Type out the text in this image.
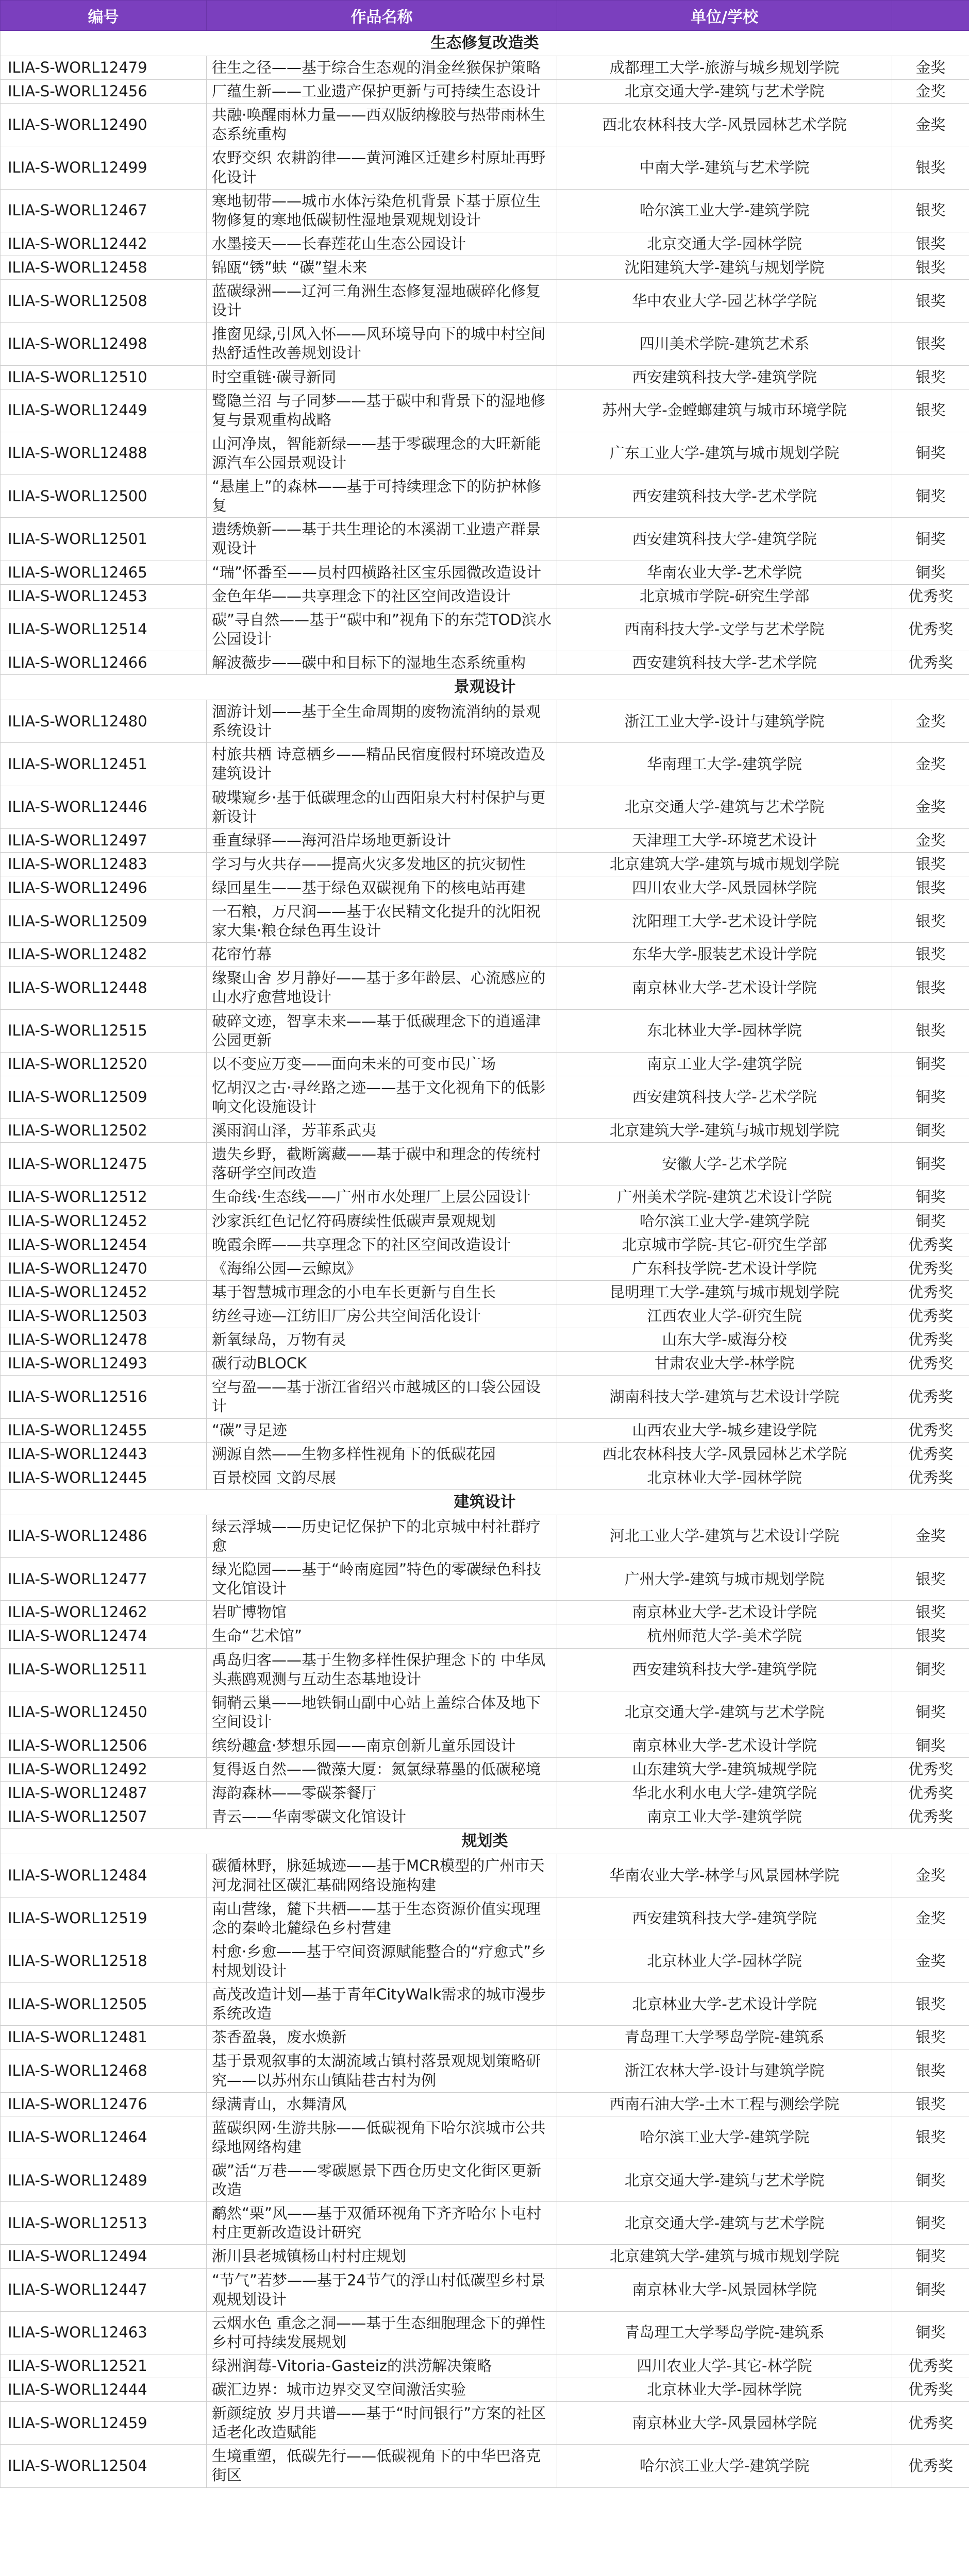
编号	作品名称	单位/学校	
生态修复改造类			
ILIA-S-WORL12479	往生之径——基于综合生态观的涓金丝猴保护策略	成都理工大学-旅游与城乡规划学院	金奖
ILIA-S-WORL12456	厂蕴生新——工业遗产保护更新与可持续生态设计	北京交通大学-建筑与艺术学院	金奖
ILIA-S-WORL12490	共融·唤醒雨林力量——西双版纳橡胶与热带雨林生态系统重构	西北农林科技大学-风景园林艺术学院	金奖
ILIA-S-WORL12499	农野交织 农耕韵律——黄河滩区迁建乡村原址再野化设计	中南大学-建筑与艺术学院	银奖
ILIA-S-WORL12467	寒地韧带——城市水体污染危机背景下基于原位生物修复的寒地低碳韧性湿地景观规划设计	哈尔滨工业大学-建筑学院	银奖
ILIA-S-WORL12442	水墨接天——长春莲花山生态公园设计	北京交通大学-园林学院	银奖
ILIA-S-WORL12458	锦瓯“锈”蚨 “碳”望未来	沈阳建筑大学-建筑与规划学院	银奖
ILIA-S-WORL12508	蓝碳绿洲——辽河三角洲生态修复湿地碳碎化修复设计	华中农业大学-园艺林学学院	银奖
ILIA-S-WORL12498	推窗见绿,引风入怀——风环境导向下的城中村空间热舒适性改善规划设计	四川美术学院-建筑艺术系	银奖
ILIA-S-WORL12510	时空重链·碳寻新同	西安建筑科技大学-建筑学院	银奖
ILIA-S-WORL12449	鹭隐兰沼 与子同梦——基于碳中和背景下的湿地修复与景观重构战略	苏州大学-金螳螂建筑与城市环境学院	银奖
ILIA-S-WORL12488	山河净岚，智能新绿——基于零碳理念的大旺新能源汽车公园景观设计	广东工业大学-建筑与城市规划学院	铜奖
ILIA-S-WORL12500	“悬崖上”的森林——基于可持续理念下的防护林修复	西安建筑科技大学-艺术学院	铜奖
ILIA-S-WORL12501	遗绣焕新——基于共生理论的本溪湖工业遗产群景观设计	西安建筑科技大学-建筑学院	铜奖
ILIA-S-WORL12465	“瑞”怀番至——员村四横路社区宝乐园微改造设计	华南农业大学-艺术学院	铜奖
ILIA-S-WORL12453	金色年华——共享理念下的社区空间改造设计	北京城市学院-研究生学部	优秀奖
ILIA-S-WORL12514	碳”寻自然——基于“碳中和”视角下的东莞TOD滨水公园设计	西南科技大学-文学与艺术学院	优秀奖
ILIA-S-WORL12466	解波薇步——碳中和目标下的湿地生态系统重构	西安建筑科技大学-艺术学院	优秀奖
景观设计			
ILIA-S-WORL12480	涸游计划——基于全生命周期的废物流消纳的景观系统设计	浙江工业大学-设计与建筑学院	金奖
ILIA-S-WORL12451	村旅共栖 诗意栖乡——精品民宿度假村环境改造及建筑设计	华南理工大学-建筑学院	金奖
ILIA-S-WORL12446	破堞窥乡·基于低碳理念的山西阳泉大村村保护与更新设计	北京交通大学-建筑与艺术学院	金奖
ILIA-S-WORL12497	垂直绿驿——海河沿岸场地更新设计	天津理工大学-环境艺术设计	金奖
ILIA-S-WORL12483	学习与火共存——提高火灾多发地区的抗灾韧性	北京建筑大学-建筑与城市规划学院	银奖
ILIA-S-WORL12496	绿回星生——基于绿色双碳视角下的核电站再建	四川农业大学-风景园林学院	银奖
ILIA-S-WORL12509	一石粮，万尺润——基于农民精文化提升的沈阳祝家大集·粮仓绿色再生设计	沈阳理工大学-艺术设计学院	银奖
ILIA-S-WORL12482	花帘竹幕	东华大学-服装艺术设计学院	银奖
ILIA-S-WORL12448	缘聚山舍 岁月静好——基于多年龄层、心流感应的山水疗愈营地设计	南京林业大学-艺术设计学院	银奖
ILIA-S-WORL12515	破碎文迹，智享未来——基于低碳理念下的逍遥津公园更新	东北林业大学-园林学院	银奖
ILIA-S-WORL12520	以不变应万变——面向未来的可变市民广场	南京工业大学-建筑学院	铜奖
ILIA-S-WORL12509	忆胡汉之古·寻丝路之迹——基于文化视角下的低影响文化设施设计	西安建筑科技大学-艺术学院	铜奖
ILIA-S-WORL12502	溪雨润山泽，芳菲系武夷	北京建筑大学-建筑与城市规划学院	铜奖
ILIA-S-WORL12475	遗失乡野，截断篱藏——基于碳中和理念的传统村落研学空间改造	安徽大学-艺术学院	铜奖
ILIA-S-WORL12512	生命线·生态线——广州市水处理厂上层公园设计	广州美术学院-建筑艺术设计学院	铜奖
ILIA-S-WORL12452	沙家浜红色记忆符码赓续性低碳声景观规划	哈尔滨工业大学-建筑学院	铜奖
ILIA-S-WORL12454	晚霞余晖——共享理念下的社区空间改造设计	北京城市学院-其它-研究生学部	优秀奖
ILIA-S-WORL12470	《海绵公园—云鲸岚》	广东科技学院-艺术设计学院	优秀奖
ILIA-S-WORL12452	基于智慧城市理念的小电车长更新与自生长	昆明理工大学-建筑与城市规划学院	优秀奖
ILIA-S-WORL12503	纺丝寻迹—江纺旧厂房公共空间活化设计	江西农业大学-研究生院	优秀奖
ILIA-S-WORL12478	新氧绿岛，万物有灵	山东大学-威海分校	优秀奖
ILIA-S-WORL12493	碳行动BLOCK	甘肃农业大学-林学院	优秀奖
ILIA-S-WORL12516	空与盈——基于浙江省绍兴市越城区的口袋公园设计	湖南科技大学-建筑与艺术设计学院	优秀奖
ILIA-S-WORL12455	“碳”寻足迹	山西农业大学-城乡建设学院	优秀奖
ILIA-S-WORL12443	溯源自然——生物多样性视角下的低碳花园	西北农林科技大学-风景园林艺术学院	优秀奖
ILIA-S-WORL12445	百景校园 文韵尽展	北京林业大学-园林学院	优秀奖
建筑设计			
ILIA-S-WORL12486	绿云浮城——历史记忆保护下的北京城中村社群疗愈	河北工业大学-建筑与艺术设计学院	金奖
ILIA-S-WORL12477	绿光隐园——基于“岭南庭园”特色的零碳绿色科技文化馆设计	广州大学-建筑与城市规划学院	银奖
ILIA-S-WORL12462	岩旷博物馆	南京林业大学-艺术设计学院	银奖
ILIA-S-WORL12474	生命“艺术馆”	杭州师范大学-美术学院	银奖
ILIA-S-WORL12511	禹岛归客——基于生物多样性保护理念下的 中华凤头燕鸥观测与互动生态基地设计	西安建筑科技大学-建筑学院	铜奖
ILIA-S-WORL12450	铜鞘云巢——地铁铜山副中心站上盖综合体及地下空间设计	北京交通大学-建筑与艺术学院	铜奖
ILIA-S-WORL12506	缤纷趣盒·梦想乐园——南京创新儿童乐园设计	南京林业大学-艺术设计学院	铜奖
ILIA-S-WORL12492	复得返自然——微藻大厦：氮氯绿幕墨的低碳秘境	山东建筑大学-建筑城规学院	优秀奖
ILIA-S-WORL12487	海韵森林——零碳茶餐厅	华北水利水电大学-建筑学院	优秀奖
ILIA-S-WORL12507	青云——华南零碳文化馆设计	南京工业大学-建筑学院	优秀奖
规划类			
ILIA-S-WORL12484	碳循林野，脉延城迹——基于MCR模型的广州市天河龙洞社区碳汇基础网络设施构建	华南农业大学-林学与风景园林学院	金奖
ILIA-S-WORL12519	南山营缘，麓下共栖——基于生态资源价值实现理念的秦岭北麓绿色乡村营建	西安建筑科技大学-建筑学院	金奖
ILIA-S-WORL12518	村愈·乡愈——基于空间资源赋能整合的“疗愈式”乡村规划设计	北京林业大学-园林学院	金奖
ILIA-S-WORL12505	高茂改造计划—基于青年CityWalk需求的城市漫步系统改造	北京林业大学-艺术设计学院	银奖
ILIA-S-WORL12481	茶香盈袅，废水焕新	青岛理工大学琴岛学院-建筑系	银奖
ILIA-S-WORL12468	基于景观叙事的太湖流域古镇村落景观规划策略研究——以苏州东山镇陆巷古村为例	浙江农林大学-设计与建筑学院	银奖
ILIA-S-WORL12476	绿满青山，水舞清风	西南石油大学-土木工程与测绘学院	银奖
ILIA-S-WORL12464	蓝碳织网·生游共脉——低碳视角下哈尔滨城市公共绿地网络构建	哈尔滨工业大学-建筑学院	银奖
ILIA-S-WORL12489	碳”活“万巷——零碳愿景下西仓历史文化街区更新改造	北京交通大学-建筑与艺术学院	铜奖
ILIA-S-WORL12513	鹬然“栗”风——基于双循环视角下齐齐哈尔卜屯村村庄更新改造设计研究	北京交通大学-建筑与艺术学院	铜奖
ILIA-S-WORL12494	淅川县老城镇杨山村村庄规划	北京建筑大学-建筑与城市规划学院	铜奖
ILIA-S-WORL12447	“节气”若梦——基于24节气的浮山村低碳型乡村景观规划设计	南京林业大学-风景园林学院	铜奖
ILIA-S-WORL12463	云烟水色 重念之洞——基于生态细胞理念下的弹性乡村可持续发展规划	青岛理工大学琴岛学院-建筑系	铜奖
ILIA-S-WORL12521	绿洲润莓-Vitoria-Gasteiz的洪涝解决策略	四川农业大学-其它-林学院	优秀奖
ILIA-S-WORL12444	碳汇边界：城市边界交叉空间激活实验	北京林业大学-园林学院	优秀奖
ILIA-S-WORL12459	新颜绽放 岁月共谱——基于“时间银行”方案的社区适老化改造赋能	南京林业大学-风景园林学院	优秀奖
ILIA-S-WORL12504	生境重塑，低碳先行——低碳视角下的中华巴洛克街区	哈尔滨工业大学-建筑学院	优秀奖
